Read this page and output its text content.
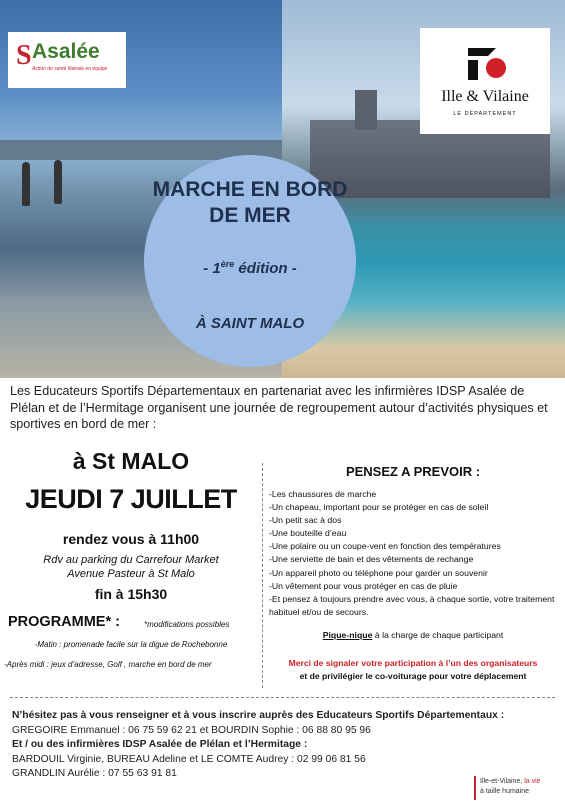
S Asalée
Action de santé libérale en équipe
Ille & Vilaine
LE DÉPARTEMENT
MARCHE EN BORD DE MER
- 1ère édition -
À SAINT MALO

Les Educateurs Sportifs Départementaux en partenariat avec les infirmières IDSP Asalée de Plélan et de l’Hermitage organisent une journée de regroupement autour d’activités physiques et sportives en bord de mer :

à St MALO
JEUDI 7 JUILLET
rendez vous à 11h00
Rdv au parking du Carrefour Market
Avenue Pasteur à St Malo
fin à 15h30
PROGRAMME* :	*modifications possibles
-Matin : promenade facile sur la digue de Rochebonne
-Après midi : jeux d’adresse, Golf , marche en bord de mer
PENSEZ A PREVOIR :
-Les chaussures de marche
-Un chapeau, important pour se protéger en cas de soleil
-Un petit sac à dos
-Une bouteille d’eau
-Une polaire ou un coupe-vent en fonction des températures
-Une serviette de bain et des vêtements de rechange
-Un appareil photo ou téléphone pour garder un souvenir
-Un vêtement pour vous protéger en cas de pluie
-Et pensez à toujours prendre avec vous, à chaque sortie, votre traitement habituel et/ou de secours.
Pique-nique à la charge de chaque participant
Merci de signaler votre participation à l’un des organisateurs
et de privilégier le co-voiturage pour votre déplacement
N’hésitez pas à vous renseigner et à vous inscrire auprès des Educateurs Sportifs Départementaux :
GREGOIRE Emmanuel : 06 75 59 62 21 et BOURDIN Sophie : 06 88 80 95 96
Et / ou des infirmières IDSP Asalée de Plélan et l’Hermitage :
BARDOUIL Virginie, BUREAU Adeline et LE COMTE Audrey : 02 99 06 81 56
GRANDLIN Aurélie : 07 55 63 91 81
Ille-et-Vilaine, la vie
à taille humaine
